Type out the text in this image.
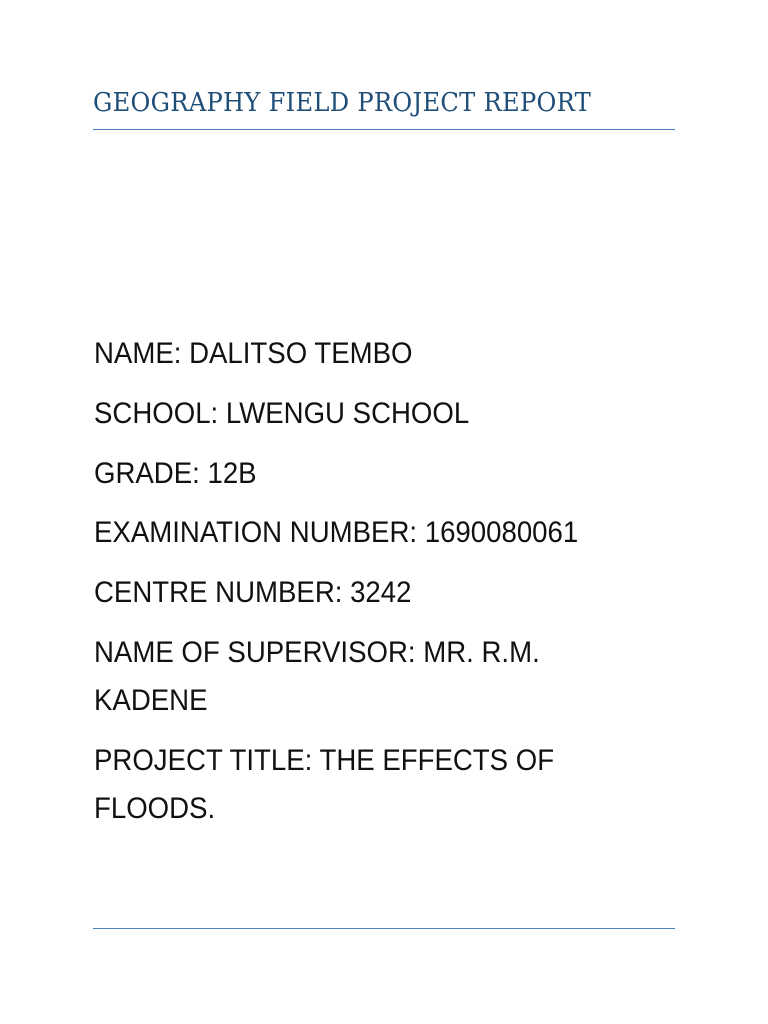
GEOGRAPHY FIELD PROJECT REPORT
NAME: DALITSO TEMBO
SCHOOL: LWENGU SCHOOL
GRADE: 12B
EXAMINATION NUMBER: 1690080061
CENTRE NUMBER: 3242
NAME OF SUPERVISOR: MR. R.M.
KADENE
PROJECT TITLE: THE EFFECTS OF
FLOODS.
